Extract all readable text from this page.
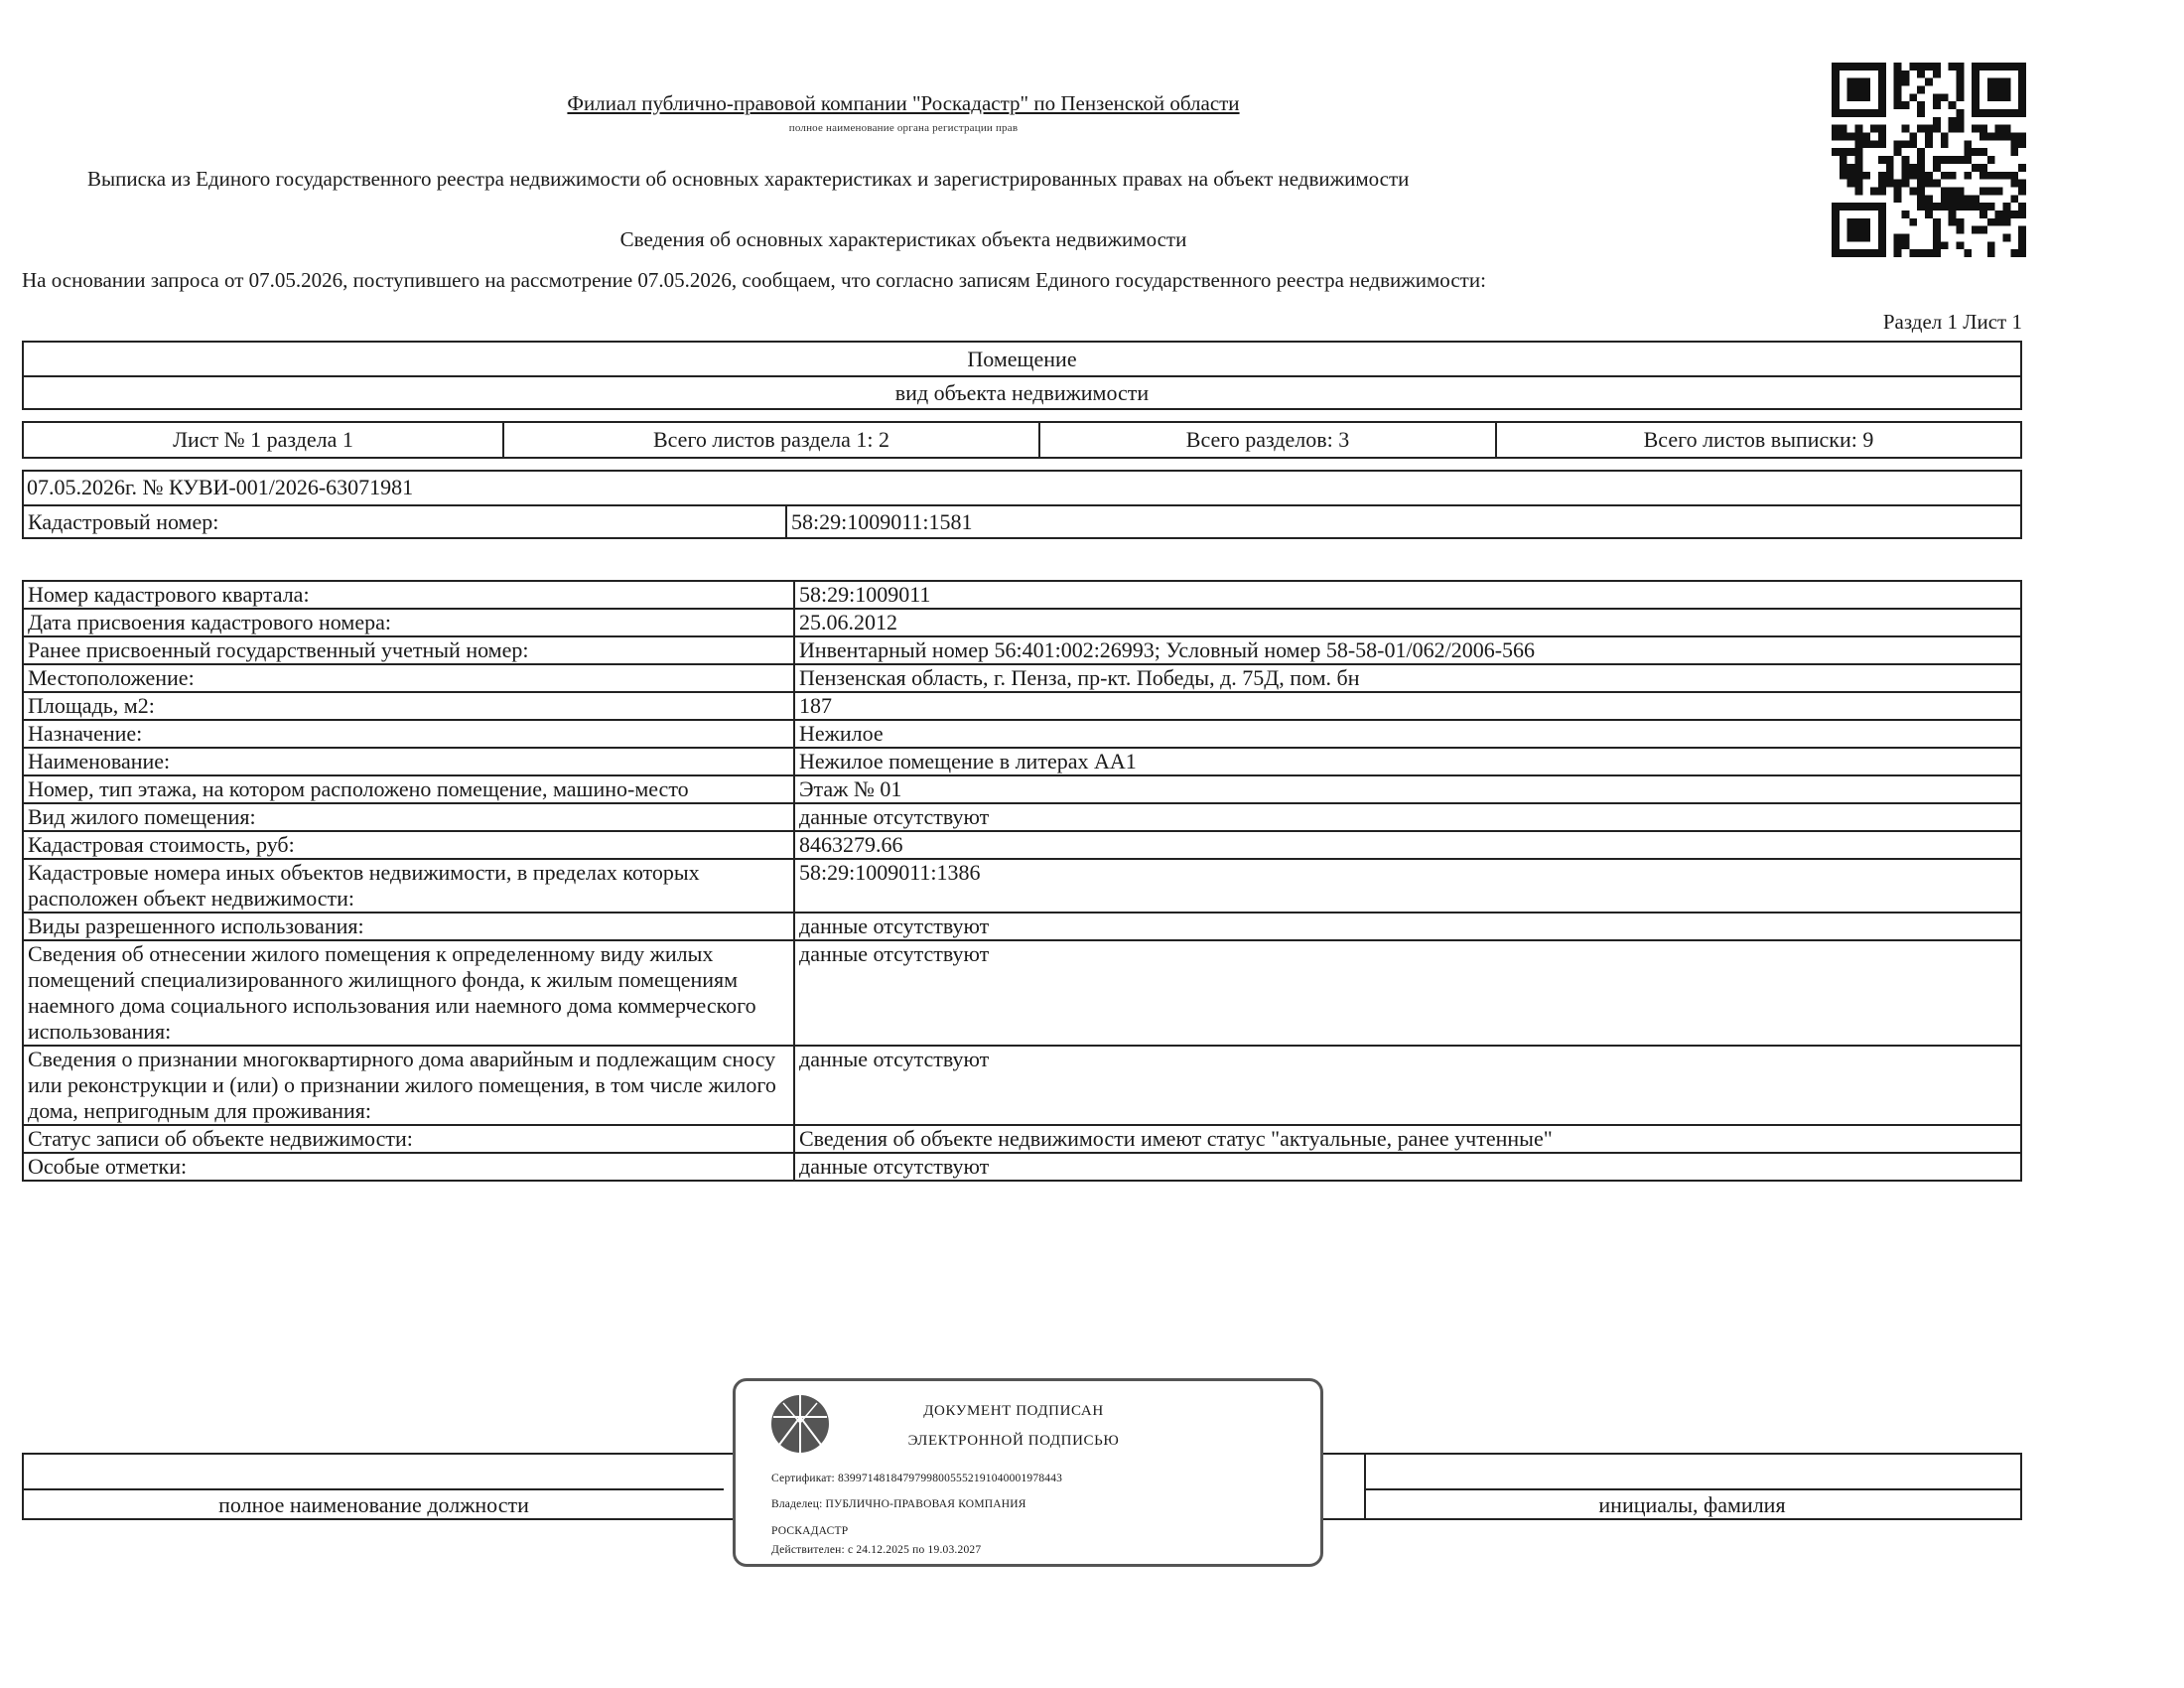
Филиал публично-правовой компании "Роскадастр" по Пензенской области
полное наименование органа регистрации прав
Выписка из Единого государственного реестра недвижимости об основных характеристиках и зарегистрированных правах на объект недвижимости
Сведения об основных характеристиках объекта недвижимости
На основании запроса от 07.05.2026, поступившего на рассмотрение 07.05.2026, сообщаем, что согласно записям Единого государственного реестра недвижимости:
Раздел 1 Лист 1
Помещение
вид объекта недвижимости
Лист № 1 раздела 1	Всего листов раздела 1: 2	Всего разделов: 3	Всего листов выписки: 9
07.05.2026г. № КУВИ-001/2026-63071981
Кадастровый номер:	58:29:1009011:1581
Номер кадастрового квартала:	58:29:1009011
Дата присвоения кадастрового номера:	25.06.2012
Ранее присвоенный государственный учетный номер:	Инвентарный номер 56:401:002:26993; Условный номер 58-58-01/062/2006-566
Местоположение:	Пензенская область, г. Пенза, пр-кт. Победы, д. 75Д, пом. бн
Площадь, м2:	187
Назначение:	Нежилое
Наименование:	Нежилое помещение в литерах АА1
Номер, тип этажа, на котором расположено помещение, машино-место	Этаж № 01
Вид жилого помещения:	данные отсутствуют
Кадастровая стоимость, руб:	8463279.66
Кадастровые номера иных объектов недвижимости, в пределах которых расположен объект недвижимости:	58:29:1009011:1386
Виды разрешенного использования:	данные отсутствуют
Сведения об отнесении жилого помещения к определенному виду жилых помещений специализированного жилищного фонда, к жилым помещениям наемного дома социального использования или наемного дома коммерческого использования:	данные отсутствуют
Сведения о признании многоквартирного дома аварийным и подлежащим сносу или реконструкции и (или) о признании жилого помещения, в том числе жилого дома, непригодным для проживания:	данные отсутствуют
Статус записи об объекте недвижимости:	Сведения об объекте недвижимости имеют статус "актуальные, ранее учтенные"
Особые отметки:	данные отсутствуют
полное наименование должности	инициалы, фамилия
ДОКУМЕНТ ПОДПИСАН
ЭЛЕКТРОННОЙ ПОДПИСЬЮ
Сертификат: 83997148184797998005552191040001978443
Владелец: ПУБЛИЧНО-ПРАВОВАЯ КОМПАНИЯ
РОСКАДАСТР
Действителен: с 24.12.2025 по 19.03.2027
